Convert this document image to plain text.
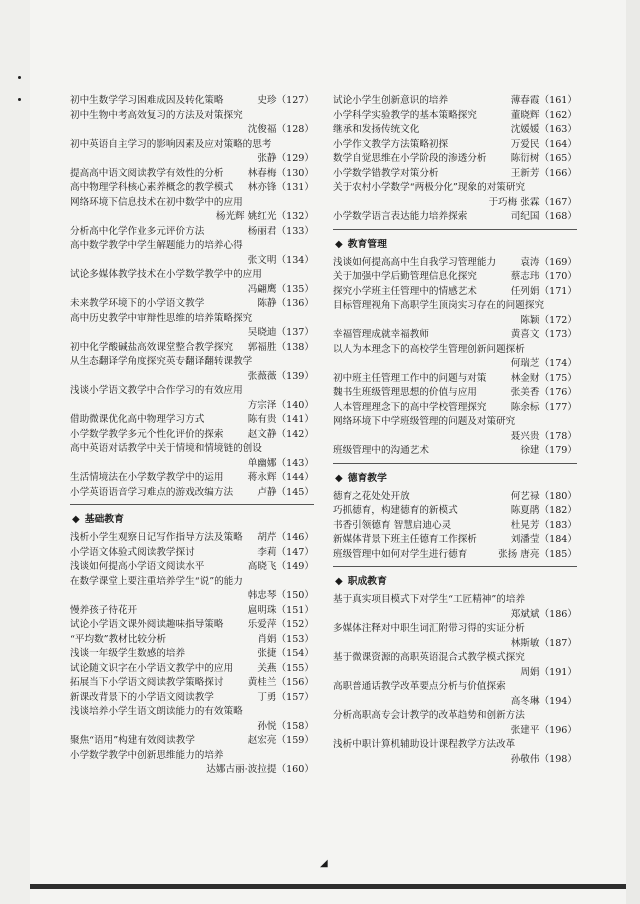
初中生数学学习困难成因及转化策略	史珍（127）
初中生物中考高效复习的方法及对策探究
沈俊福（128）
初中英语自主学习的影响因素及应对策略的思考
张静（129）
提高高中语文阅读教学有效性的分析	林春梅（130）
高中物理学科核心素养概念的教学模式 林亦锋（131）
网络环境下信息技术在初中数学中的应用
杨光辉 姚红光（132）
分析高中化学作业多元评价方法	杨丽君（133）
高中数学教学中学生解题能力的培养心得
张文明（134）
试论多媒体教学技术在小学数学教学中的应用
冯翩鹰（135）
未来教学环境下的小学语文教学	陈静（136）
高中历史教学中审辩性思维的培养策略探究
吴晓迪（137）
初中化学酸碱盐高效课堂整合教学探究 郭福胜（138）
从生态翻译学角度探究英专翻译翻转课教学
张薇薇（139）
浅谈小学语文教学中合作学习的有效应用
方宗泽（140）
借助微课优化高中物理学习方式	陈有贵（141）
小学数学教学多元个性化评价的探索	赵文静（142）
高中英语对话教学中关于情境和情境链的创设
单幽娜（143）
生活情境法在小学数学教学中的运用	蒋永辉（144）
小学英语语音学习难点的游戏改编方法	卢静（145）
◆ 基础教育
浅析小学生观察日记写作指导方法及策略 胡芹（146）
小学语文体验式阅读教学探讨	李莉（147）
浅谈如何提高小学语文阅读水平	高晓飞（149）
在数学课堂上要注重培养学生“说”的能力
韩忠琴（150）
慢养孩子待花开	扈明珠（151）
试论小学语文课外阅读趣味指导策略	乐爱萍（152）
“平均数”教材比较分析	肖娟（153）
浅谈一年级学生数感的培养	张捷（154）
试论随文识字在小学语文教学中的应用	关燕（155）
拓展当下小学语文阅读教学策略探讨	黄桂兰（156）
新课改背景下的小学语文阅读教学	丁勇（157）
浅谈培养小学生语文朗读能力的有效策略
孙悦（158）
聚焦“语用”构建有效阅读教学	赵宏亮（159）
小学数学教学中创新思维能力的培养
达娜古丽·波拉提（160）
试论小学生创新意识的培养	薄春霞（161）
小学科学实验教学的基本策略探究	董晓辉（162）
继承和发扬传统文化	沈媛媛（163）
小学作文教学方法策略初探	万爱民（164）
数学自觉思维在小学阶段的渗透分析	陈衍树（165）
小学数学错教学对策分析	王新芳（166）
关于农村小学数学“两极分化”现象的对策研究
于巧梅 张霖（167）
小学数学语言表达能力培养探索	司纪国（168）
◆ 教育管理
浅谈如何提高高中生自我学习管理能力	袁涛（169）
关于加强中学后勤管理信息化探究	蔡志玮（170）
探究小学班主任管理中的情感艺术	任列娟（171）
目标管理视角下高职学生顶岗实习存在的问题探究
陈颖（172）
幸福管理成就幸福教师	黄喜文（173）
以人为本理念下的高校学生管理创新问题探析
何瑞芝（174）
初中班主任管理工作中的问题与对策	林金财（175）
魏书生班级管理思想的价值与应用	张美香（176）
人本管理理念下的高中学校管理探究	陈余标（177）
网络环境下中学班级管理的问题及对策研究
聂兴贵（178）
班级管理中的沟通艺术	徐建（179）
◆ 德育教学
德育之花处处开放	何艺禄（180）
巧抓德育，构建德育的新模式	陈夏鹃（182）
书香引领德育 智慧启迪心灵	杜晃芳（183）
新媒体背景下班主任德育工作探析	刘潘莹（184）
班级管理中如何对学生进行德育	张扬 唐亮（185）
◆ 职成教育
基于真实项目模式下对学生“工匠精神”的培养
郑斌斌（186）
多媒体注释对中职生词汇附带习得的实证分析
林斯敏（187）
基于微课资源的高职英语混合式教学模式探究
周娟（191）
高职普通话教学改革要点分析与价值探索
高冬琳（194）
分析高职高专会计教学的改革趋势和创新方法
张建平（196）
浅析中职计算机辅助设计课程教学方法改革
孙敬伟（198）
◢
